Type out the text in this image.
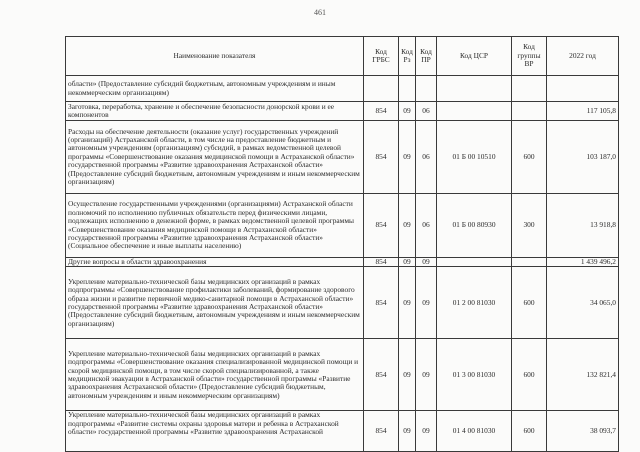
461
Наименование показателя	Код ГРБС	Код Рз	Код ПР	Код ЦСР	Код группы ВР	2022 год
области» (Предоставление субсидий бюджетным, автономным учреждениям и иным некоммерческим организациям)						
Заготовка, переработка, хранение и обеспечение безопасности донорской крови и ее компонентов	854	09	06			117 105,8
Расходы на обеспечение деятельности (оказание услуг) государственных учреждений (организаций) Астраханской области, в том числе на предоставление бюджетным и автономным учреждениям (организациям) субсидий, в рамках ведомственной целевой программы «Совершенствование оказания медицинской помощи в Астраханской области» государственной программы «Развитие здравоохранения Астраханской области» (Предоставление субсидий бюджетным, автономным учреждениям и иным некоммерческим организациям)	854	09	06	01 Б 00 10510	600	103 187,0
Осуществление государственными учреждениями (организациями) Астраханской области полномочий по исполнению публичных обязательств перед физическими лицами, подлежащих исполнению в денежной форме, в рамках ведомственной целевой программы «Совершенствование оказания медицинской помощи в Астраханской области» государственной программы «Развитие здравоохранения Астраханской области» (Социальное обеспечение и иные выплаты населению)	854	09	06	01 Б 00 80930	300	13 918,8
Другие вопросы в области здравоохранения	854	09	09			1 439 496,2
Укрепление материально-технической базы медицинских организаций в рамках подпрограммы «Совершенствование профилактики заболеваний, формирование здорового образа жизни и развитие первичной медико-санитарной помощи в Астраханской области» государственной программы «Развитие здравоохранения Астраханской области» (Предоставление субсидий бюджетным, автономным учреждениям и иным некоммерческим организациям)	854	09	09	01 2 00 81030	600	34 065,0
Укрепление материально-технической базы медицинских организаций в рамках подпрограммы «Совершенствование оказания специализированной медицинской помощи и скорой медицинской помощи, в том числе скорой специализированной, а также медицинской эвакуации в Астраханской области» государственной программы «Развитие здравоохранения Астраханской области» (Предоставление субсидий бюджетным, автономным учреждениям и иным некоммерческим организациям)	854	09	09	01 3 00 81030	600	132 821,4
Укрепление материально-технической базы медицинских организаций в рамках подпрограммы «Развитие системы охраны здоровья матери и ребенка в Астраханской области» государственной программы «Развитие здравоохранения Астраханской	854	09	09	01 4 00 81030	600	38 093,7
